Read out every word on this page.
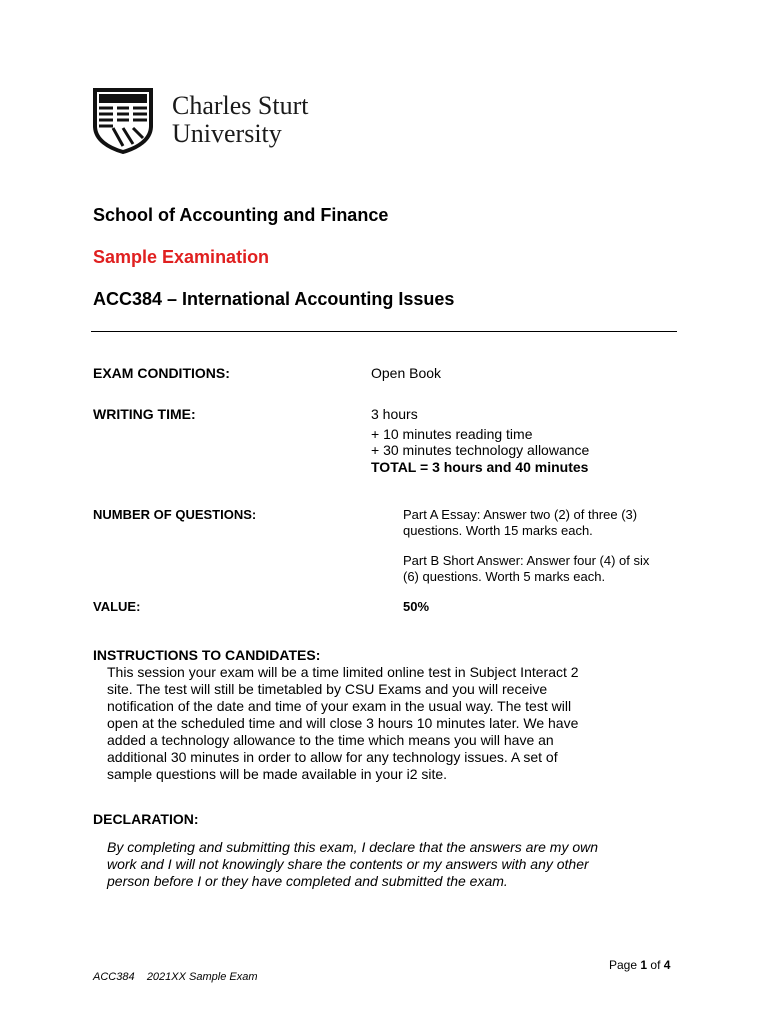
Charles Sturt
University
School of Accounting and Finance
Sample Examination
ACC384 – International Accounting Issues
EXAM CONDITIONS:	Open Book
WRITING TIME:	3 hours
+ 10 minutes reading time
+ 30 minutes technology allowance
TOTAL = 3 hours and 40 minutes
NUMBER OF QUESTIONS:	Part A Essay: Answer two (2) of three (3)
questions. Worth 15 marks each.
Part B Short Answer: Answer four (4) of six
(6) questions. Worth 5 marks each.
VALUE:	50%
INSTRUCTIONS TO CANDIDATES:
This session your exam will be a time limited online test in Subject Interact 2
site. The test will still be timetabled by CSU Exams and you will receive
notification of the date and time of your exam in the usual way. The test will
open at the scheduled time and will close 3 hours 10 minutes later. We have
added a technology allowance to the time which means you will have an
additional 30 minutes in order to allow for any technology issues. A set of
sample questions will be made available in your i2 site.
DECLARATION:
By completing and submitting this exam, I declare that the answers are my own
work and I will not knowingly share the contents or my answers with any other
person before I or they have completed and submitted the exam.
Page 1 of 4
ACC384 2021XX Sample Exam
